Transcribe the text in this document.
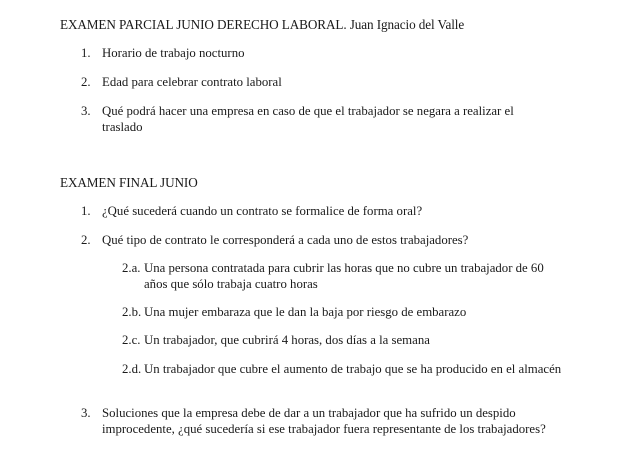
EXAMEN PARCIAL JUNIO DERECHO LABORAL. Juan Ignacio del Valle
1. Horario de trabajo nocturno
2. Edad para celebrar contrato laboral
3. Qué podrá hacer una empresa en caso de que el trabajador se negara a realizar el traslado
EXAMEN FINAL JUNIO
1. ¿Qué sucederá cuando un contrato se formalice de forma oral?
2. Qué tipo de contrato le corresponderá a cada uno de estos trabajadores?
2.a. Una persona contratada para cubrir las horas que no cubre un trabajador de 60 años que sólo trabaja cuatro horas
2.b. Una mujer embaraza que le dan la baja por riesgo de embarazo
2.c. Un trabajador, que cubrirá 4 horas, dos días a la semana
2.d. Un trabajador que cubre el aumento de trabajo que se ha producido en el almacén
3. Soluciones que la empresa debe de dar a un trabajador que ha sufrido un despido improcedente, ¿qué sucedería si ese trabajador fuera representante de los trabajadores?
